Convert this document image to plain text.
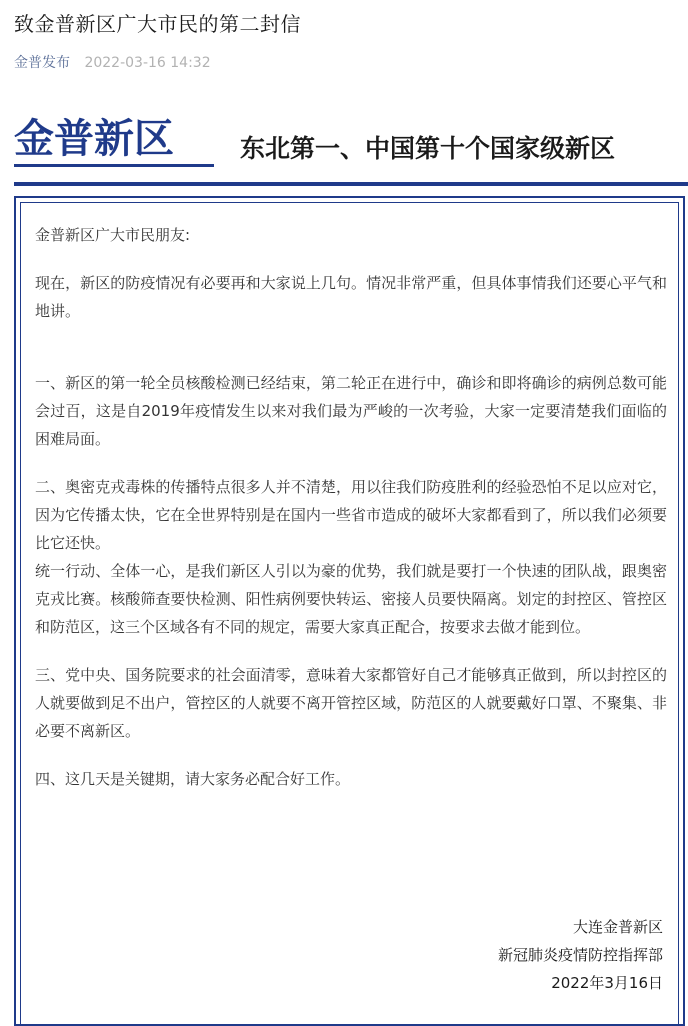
致金普新区广大市民的第二封信
金普发布 2022-03-16 14:32
金普新区	东北第一、中国第十个国家级新区

金普新区广大市民朋友:

现在，新区的防疫情况有必要再和大家说上几句。情况非常严重，但具体事情我们还要心平气和地讲。

一、新区的第一轮全员核酸检测已经结束，第二轮正在进行中，确诊和即将确诊的病例总数可能会过百，这是自2019年疫情发生以来对我们最为严峻的一次考验，大家一定要清楚我们面临的困难局面。

二、奥密克戎毒株的传播特点很多人并不清楚，用以往我们防疫胜利的经验恐怕不足以应对它，因为它传播太快，它在全世界特别是在国内一些省市造成的破坏大家都看到了，所以我们必须要比它还快。

统一行动、全体一心，是我们新区人引以为豪的优势，我们就是要打一个快速的团队战，跟奥密克戎比赛。核酸筛查要快检测、阳性病例要快转运、密接人员要快隔离。划定的封控区、管控区和防范区，这三个区域各有不同的规定，需要大家真正配合，按要求去做才能到位。

三、党中央、国务院要求的社会面清零，意味着大家都管好自己才能够真正做到，所以封控区的人就要做到足不出户，管控区的人就要不离开管控区域，防范区的人就要戴好口罩、不聚集、非必要不离新区。

四、这几天是关键期，请大家务必配合好工作。

大连金普新区
新冠肺炎疫情防控指挥部
2022年3月16日
